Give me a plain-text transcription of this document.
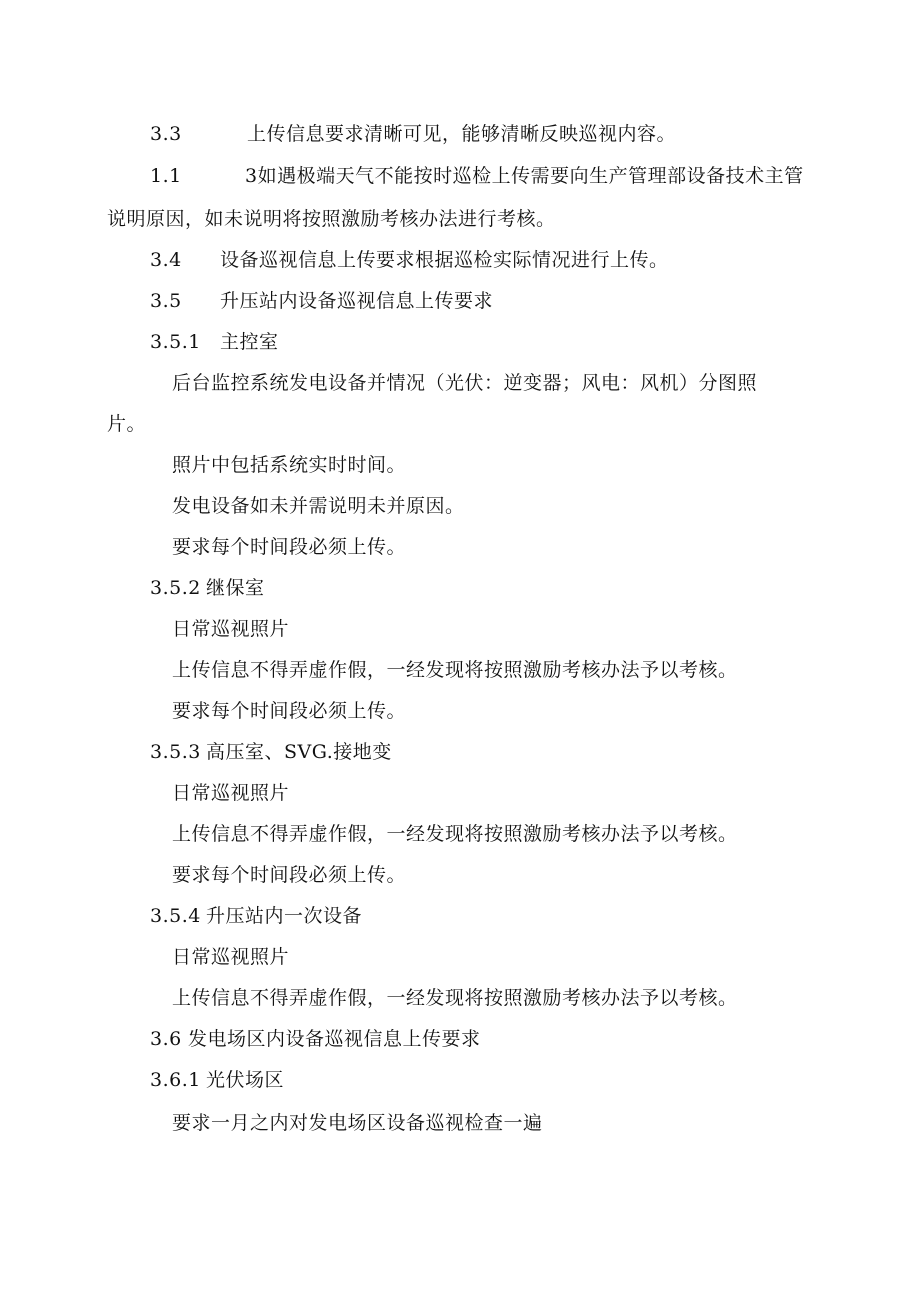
3.3	上传信息要求清晰可见，能够清晰反映巡视内容。
1.1	3如遇极端天气不能按时巡检上传需要向生产管理部设备技术主管
说明原因，如未说明将按照激励考核办法进行考核。
3.4 设备巡视信息上传要求根据巡检实际情况进行上传。
3.5 升压站内设备巡视信息上传要求
3.5.1 主控室
后台监控系统发电设备并情况（光伏：逆变器；风电：风机）分图照
片。
照片中包括系统实时时间。
发电设备如未并需说明未并原因。
要求每个时间段必须上传。
3.5.2 继保室
日常巡视照片
上传信息不得弄虚作假，一经发现将按照激励考核办法予以考核。
要求每个时间段必须上传。
3.5.3 高压室、SVG.接地变
日常巡视照片
上传信息不得弄虚作假，一经发现将按照激励考核办法予以考核。
要求每个时间段必须上传。
3.5.4 升压站内一次设备
日常巡视照片
上传信息不得弄虚作假，一经发现将按照激励考核办法予以考核。
3.6 发电场区内设备巡视信息上传要求
3.6.1 光伏场区
要求一月之内对发电场区设备巡视检查一遍
